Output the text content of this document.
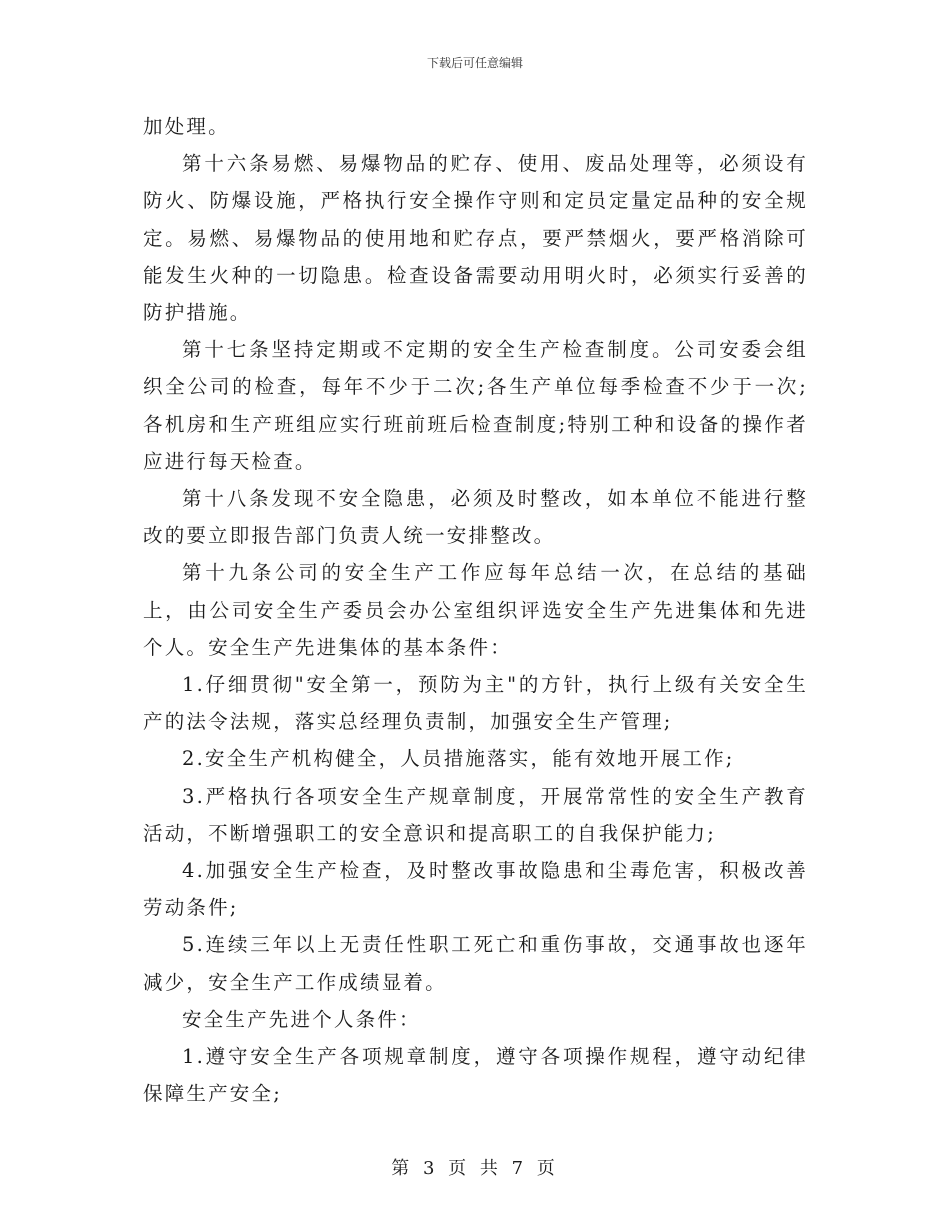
下载后可任意编辑

加处理。

第十六条易燃、易爆物品的贮存、使用、废品处理等，必须设有防火、防爆设施，严格执行安全操作守则和定员定量定品种的安全规定。易燃、易爆物品的使用地和贮存点，要严禁烟火，要严格消除可能发生火种的一切隐患。检查设备需要动用明火时，必须实行妥善的防护措施。

第十七条坚持定期或不定期的安全生产检查制度。公司安委会组织全公司的检查，每年不少于二次;各生产单位每季检查不少于一次;各机房和生产班组应实行班前班后检查制度;特别工种和设备的操作者应进行每天检查。

第十八条发现不安全隐患，必须及时整改，如本单位不能进行整改的要立即报告部门负责人统一安排整改。

第十九条公司的安全生产工作应每年总结一次，在总结的基础上，由公司安全生产委员会办公室组织评选安全生产先进集体和先进个人。安全生产先进集体的基本条件：

1.仔细贯彻"安全第一，预防为主"的方针，执行上级有关安全生产的法令法规，落实总经理负责制，加强安全生产管理;

2.安全生产机构健全，人员措施落实，能有效地开展工作;

3.严格执行各项安全生产规章制度，开展常常性的安全生产教育活动，不断增强职工的安全意识和提高职工的自我保护能力;

4.加强安全生产检查，及时整改事故隐患和尘毒危害，积极改善劳动条件;

5.连续三年以上无责任性职工死亡和重伤事故，交通事故也逐年减少，安全生产工作成绩显着。

安全生产先进个人条件：

1.遵守安全生产各项规章制度，遵守各项操作规程，遵守动纪律保障生产安全;

第 3 页 共 7 页
